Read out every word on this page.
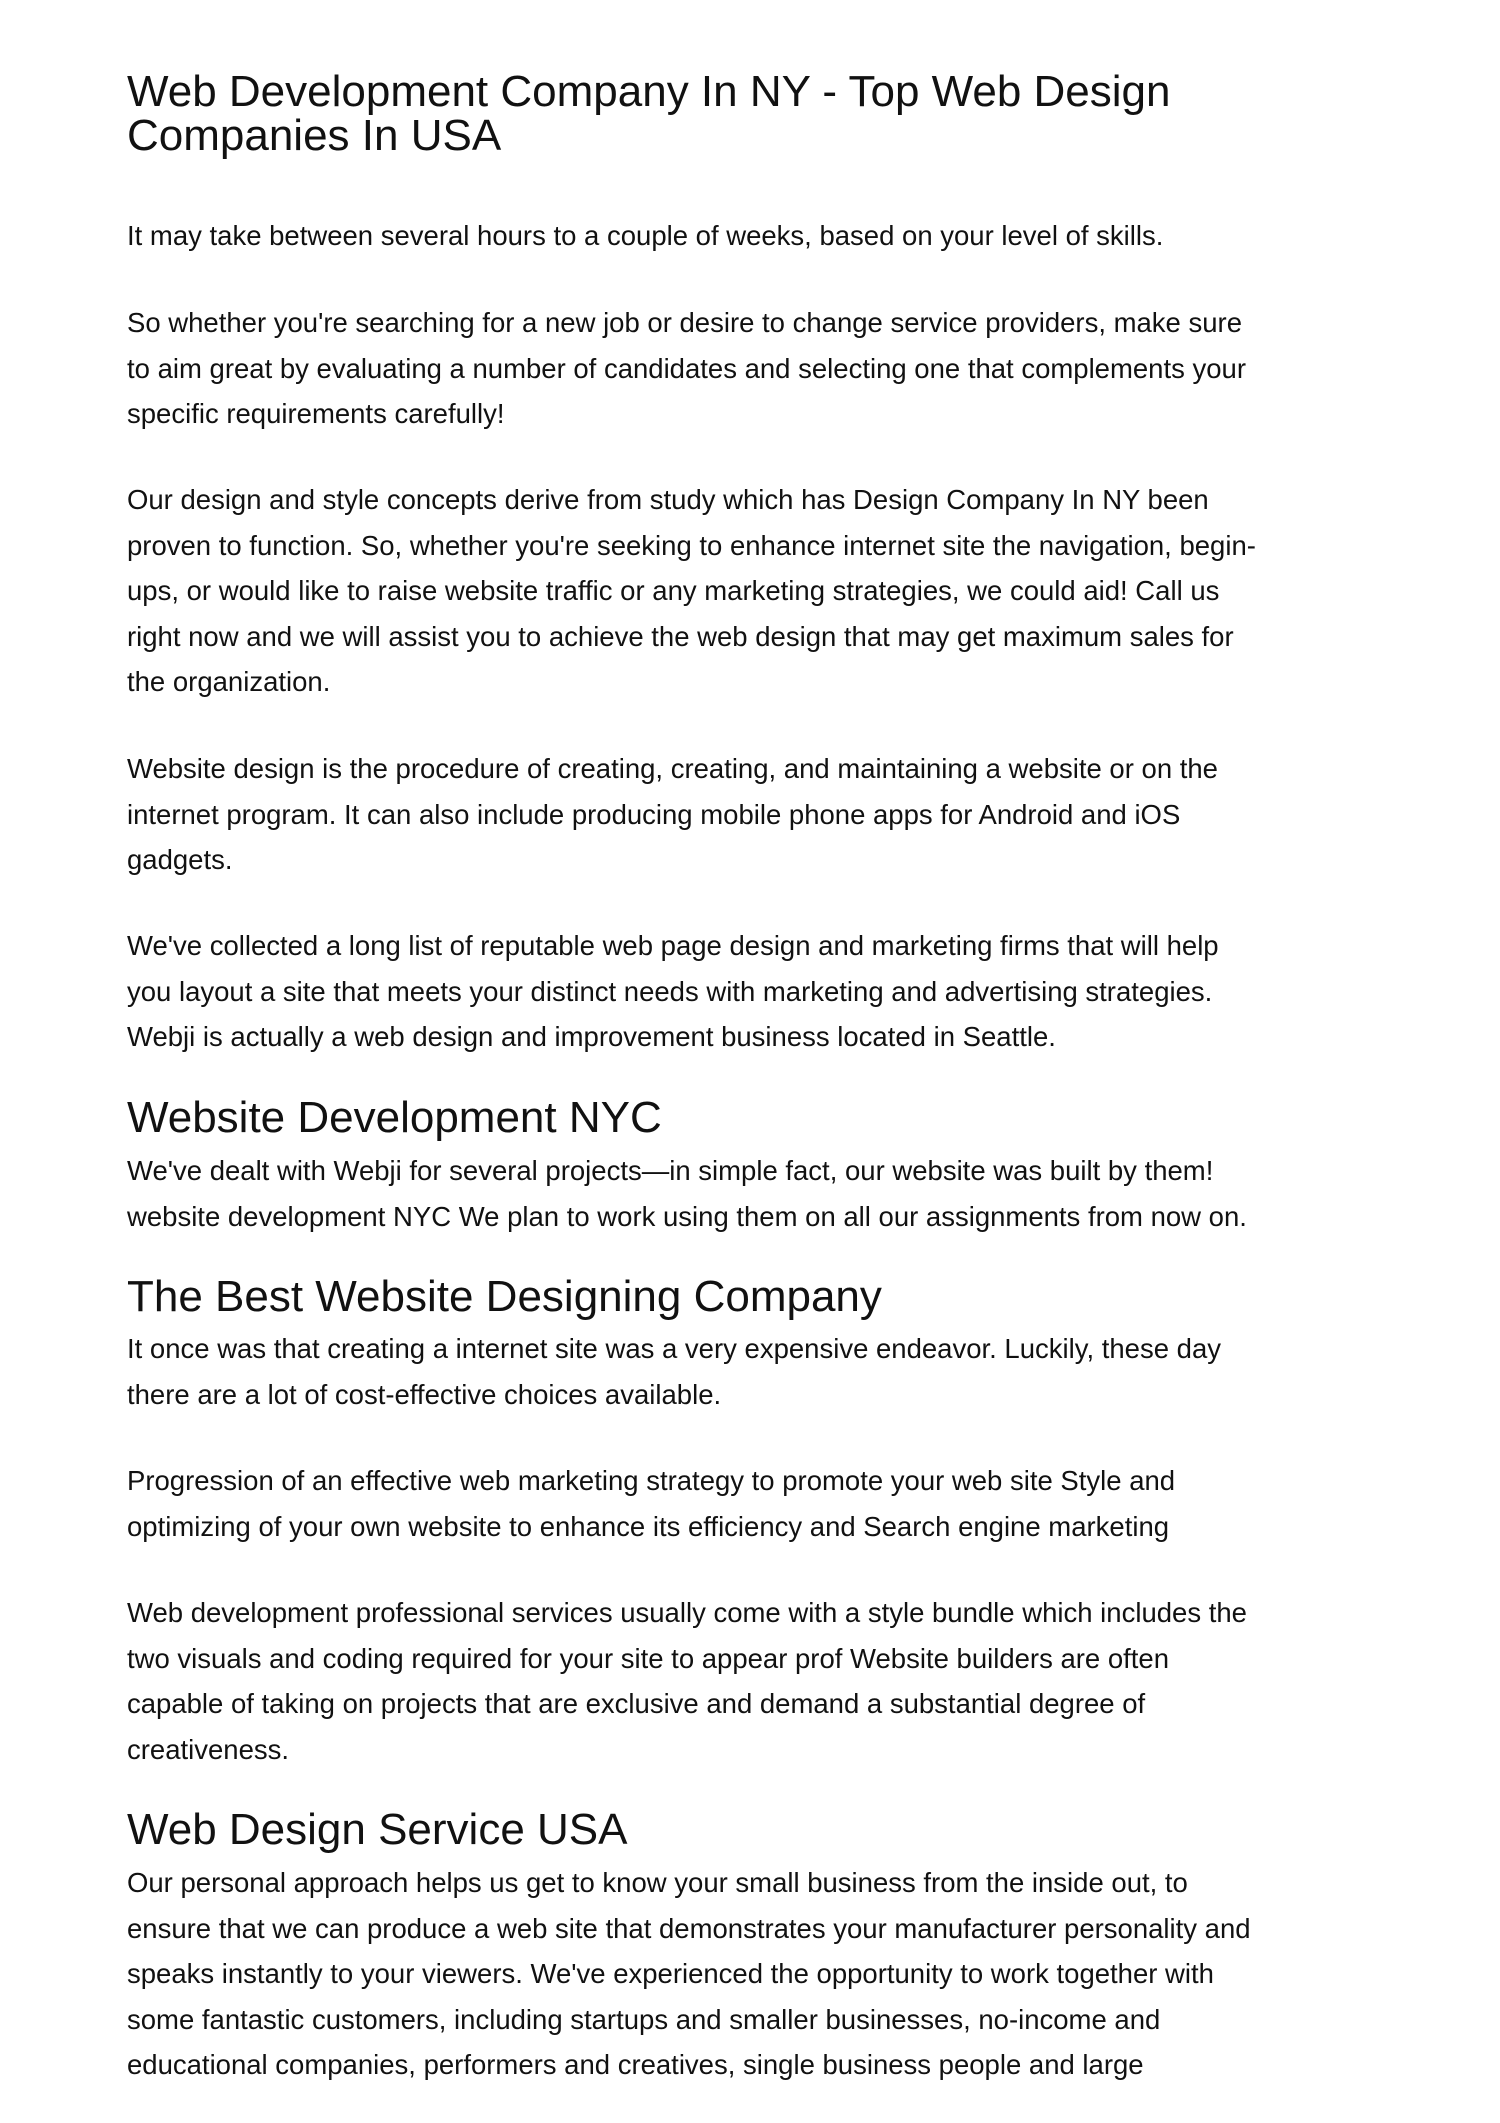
Web Development Company In NY - Top Web Design
Companies In USA

It may take between several hours to a couple of weeks, based on your level of skills.

So whether you're searching for a new job or desire to change service providers, make sure
to aim great by evaluating a number of candidates and selecting one that complements your
specific requirements carefully!

Our design and style concepts derive from study which has Design Company In NY been
proven to function. So, whether you're seeking to enhance internet site the navigation, begin-
ups, or would like to raise website traffic or any marketing strategies, we could aid! Call us
right now and we will assist you to achieve the web design that may get maximum sales for
the organization.

Website design is the procedure of creating, creating, and maintaining a website or on the
internet program. It can also include producing mobile phone apps for Android and iOS
gadgets.

We've collected a long list of reputable web page design and marketing firms that will help
you layout a site that meets your distinct needs with marketing and advertising strategies.
Webji is actually a web design and improvement business located in Seattle.

Website Development NYC

We've dealt with Webji for several projects—in simple fact, our website was built by them!
website development NYC We plan to work using them on all our assignments from now on.

The Best Website Designing Company

It once was that creating a internet site was a very expensive endeavor. Luckily, these day
there are a lot of cost-effective choices available.

Progression of an effective web marketing strategy to promote your web site Style and
optimizing of your own website to enhance its efficiency and Search engine marketing

Web development professional services usually come with a style bundle which includes the
two visuals and coding required for your site to appear prof Website builders are often
capable of taking on projects that are exclusive and demand a substantial degree of
creativeness.

Web Design Service USA

Our personal approach helps us get to know your small business from the inside out, to
ensure that we can produce a web site that demonstrates your manufacturer personality and
speaks instantly to your viewers. We've experienced the opportunity to work together with
some fantastic customers, including startups and smaller businesses, no-income and
educational companies, performers and creatives, single business people and large
